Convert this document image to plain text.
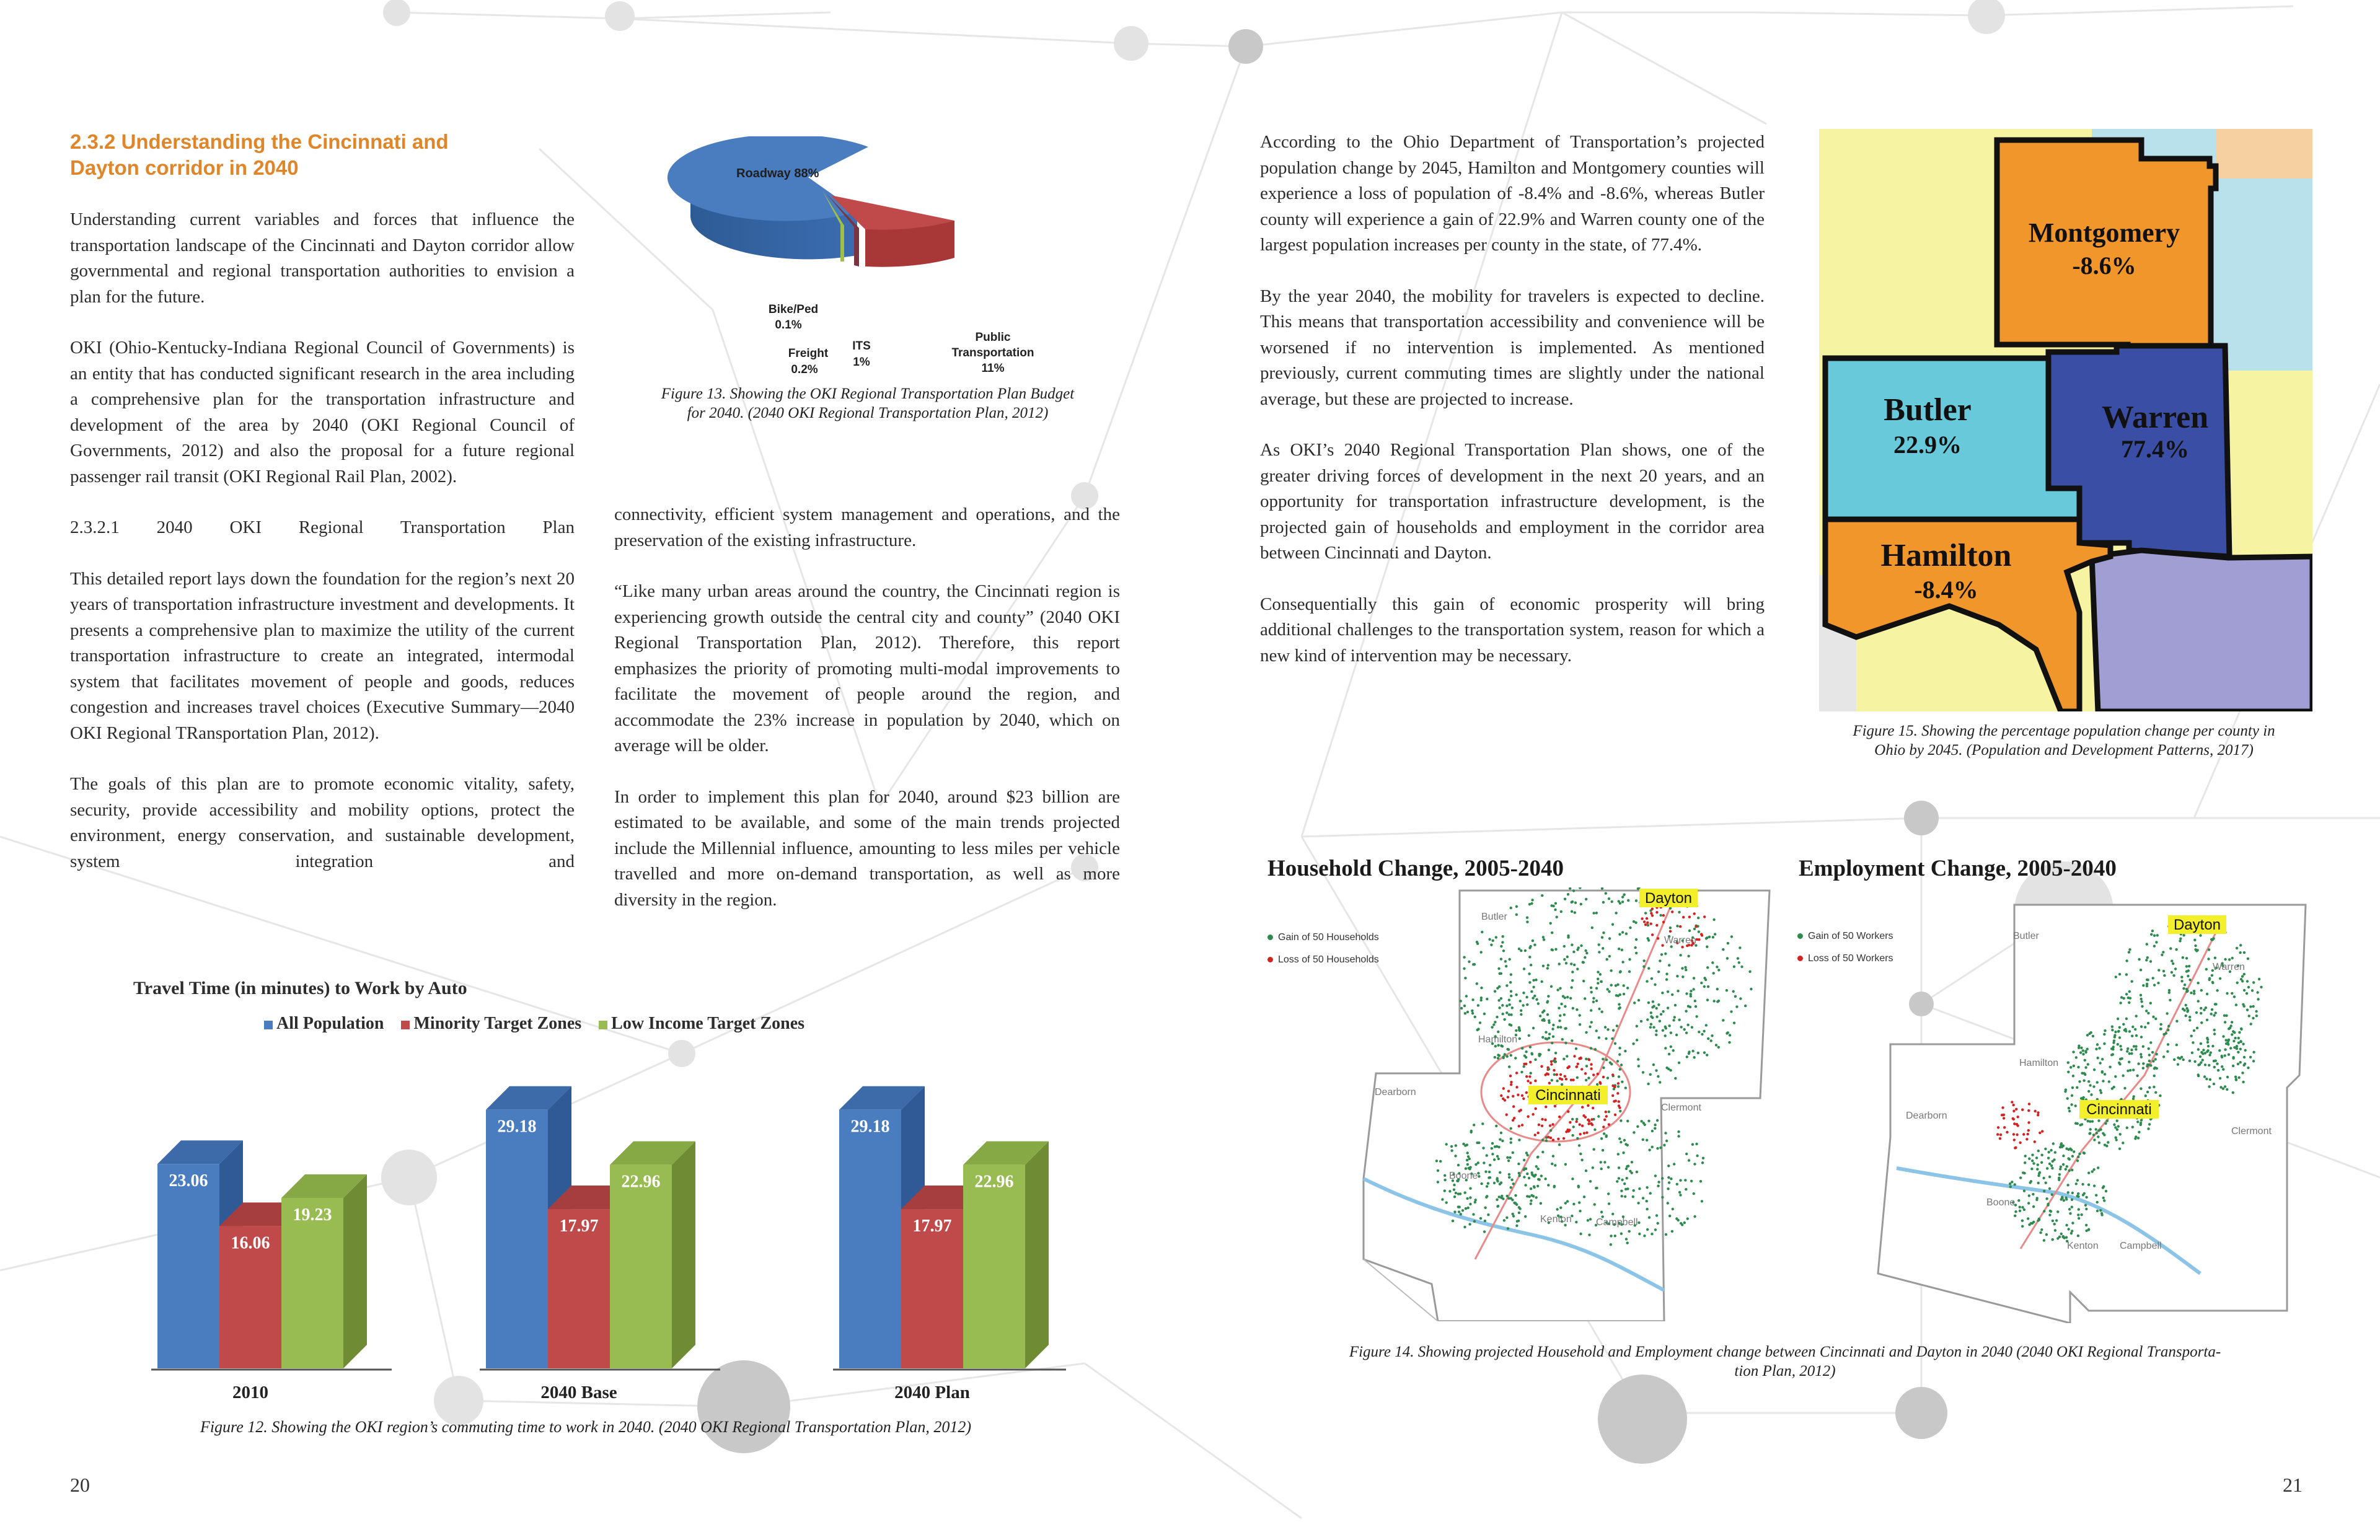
2.3.2 Understanding the Cincinnati and

Dayton corridor in 2040

Understanding current variables and forces that influence the transportation landscape of the Cincinnati and Dayton corridor allow governmental and regional transportation authorities to envision a plan for the future.

OKI (Ohio-Kentucky-Indiana Regional Council of Governments) is an entity that has conducted significant research in the area including a comprehensive plan for the transportation infrastructure and development of the area by 2040 (OKI Regional Council of Governments, 2012) and also the proposal for a future regional passenger rail transit (OKI Regional Rail Plan, 2002).

2.3.2.1 2040 OKI Regional Transportation Plan

This detailed report lays down the foundation for the region’s next 20 years of transportation infrastructure investment and developments. It presents a comprehensive plan to maximize the utility of the current transportation infrastructure to create an integrated, intermodal system that facilitates movement of people and goods, reduces congestion and increases travel choices (Executive Summary—2040 OKI Regional TRansportation Plan, 2012).

The goals of this plan are to promote economic vitality, safety, security, provide accessibility and mobility options, protect the environment, energy conservation, and sustainable development, system integration and

connectivity, efficient system management and operations, and the preservation of the existing infrastructure.

“Like many urban areas around the country, the Cincinnati region is experiencing growth outside the central city and county” (2040 OKI Regional Transportation Plan, 2012). Therefore, this report emphasizes the priority of promoting multi-modal improvements to facilitate the movement of people around the region, and accommodate the 23% increase in population by 2040, which on average will be older.

In order to implement this plan for 2040, around $23 billion are estimated to be available, and some of the main trends projected include the Millennial influence, amounting to less miles per vehicle travelled and more on-demand transportation, as well as more diversity in the region.

Roadway 88%
Bike/Ped
0.1%
Freight
0.2%
ITS
1%
Public
Transportation
11%
Figure 13. Showing the OKI Regional Transportation Plan Budget
for 2040. (2040 OKI Regional Transportation Plan, 2012)
Travel Time (in minutes) to Work by Auto
All Population	Minority Target Zones	Low Income Target Zones
23.06
16.06
19.23
2010
29.18
17.97
22.96
2040 Base
29.18
17.97
22.96
2040 Plan
Figure 12. Showing the OKI region’s commuting time to work in 2040. (2040 OKI Regional Transportation Plan, 2012)
20

According to the Ohio Department of Transportation’s projected population change by 2045, Hamilton and Montgomery counties will experience a loss of population of -8.4% and -8.6%, whereas Butler county will experience a gain of 22.9% and Warren county one of the largest population increases per county in the state, of 77.4%.

By the year 2040, the mobility for travelers is expected to decline. This means that transportation accessibility and convenience will be worsened if no intervention is implemented. As mentioned previously, current commuting times are slightly under the national average, but these are projected to increase.

As OKI’s 2040 Regional Transportation Plan shows, one of the greater driving forces of development in the next 20 years, and an opportunity for transportation infrastructure development, is the projected gain of households and employment in the corridor area between Cincinnati and Dayton.

Consequentially this gain of economic prosperity will bring additional challenges to the transportation system, reason for which a new kind of intervention may be necessary.

Montgomery
-8.6%
Butler
22.9%
Warren
77.4%
Hamilton
-8.4%
Figure 15. Showing the percentage population change per county in
Ohio by 2045. (Population and Development Patterns, 2017)
Household Change, 2005-2040
Gain of 50 Households
Loss of 50 Households
Dayton
Cincinnati
Butler
Warren
Hamilton
Dearborn
Clermont
Boone
Kenton Campbell
Employment Change, 2005-2040
Gain of 50 Workers
Loss of 50 Workers
Dayton
Cincinnati
Butler
Warren
Hamilton
Dearborn
Clermont
Boone
Kenton Campbell
Figure 14. Showing projected Household and Employment change between Cincinnati and Dayton in 2040 (2040 OKI Regional Transporta-
tion Plan, 2012)
21
